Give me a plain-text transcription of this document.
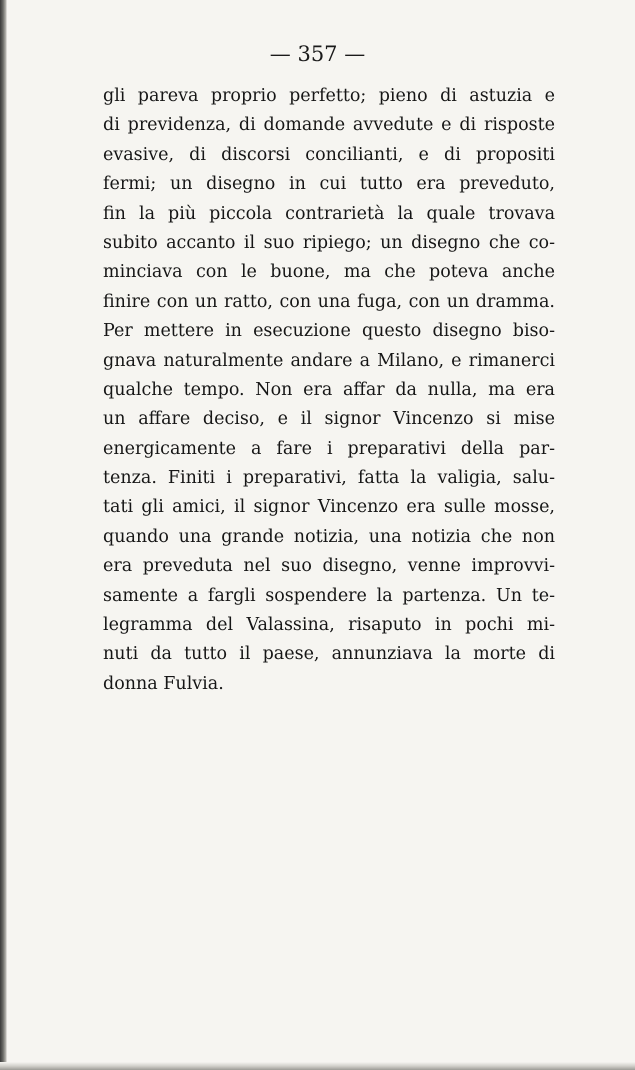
— 357 —

gli pareva proprio perfetto; pieno di astuzia e
di previdenza, di domande avvedute e di risposte
evasive, di discorsi concilianti, e di propositi
fermi; un disegno in cui tutto era preveduto,
fin la più piccola contrarietà la quale trovava
subito accanto il suo ripiego; un disegno che co-
minciava con le buone, ma che poteva anche
finire con un ratto, con una fuga, con un dramma.
Per mettere in esecuzione questo disegno biso-
gnava naturalmente andare a Milano, e rimanerci
qualche tempo. Non era affar da nulla, ma era
un affare deciso, e il signor Vincenzo si mise
energicamente a fare i preparativi della par-
tenza. Finiti i preparativi, fatta la valigia, salu-
tati gli amici, il signor Vincenzo era sulle mosse,
quando una grande notizia, una notizia che non
era preveduta nel suo disegno, venne improvvi-
samente a fargli sospendere la partenza. Un te-
legramma del Valassina, risaputo in pochi mi-
nuti da tutto il paese, annunziava la morte di
donna Fulvia.
